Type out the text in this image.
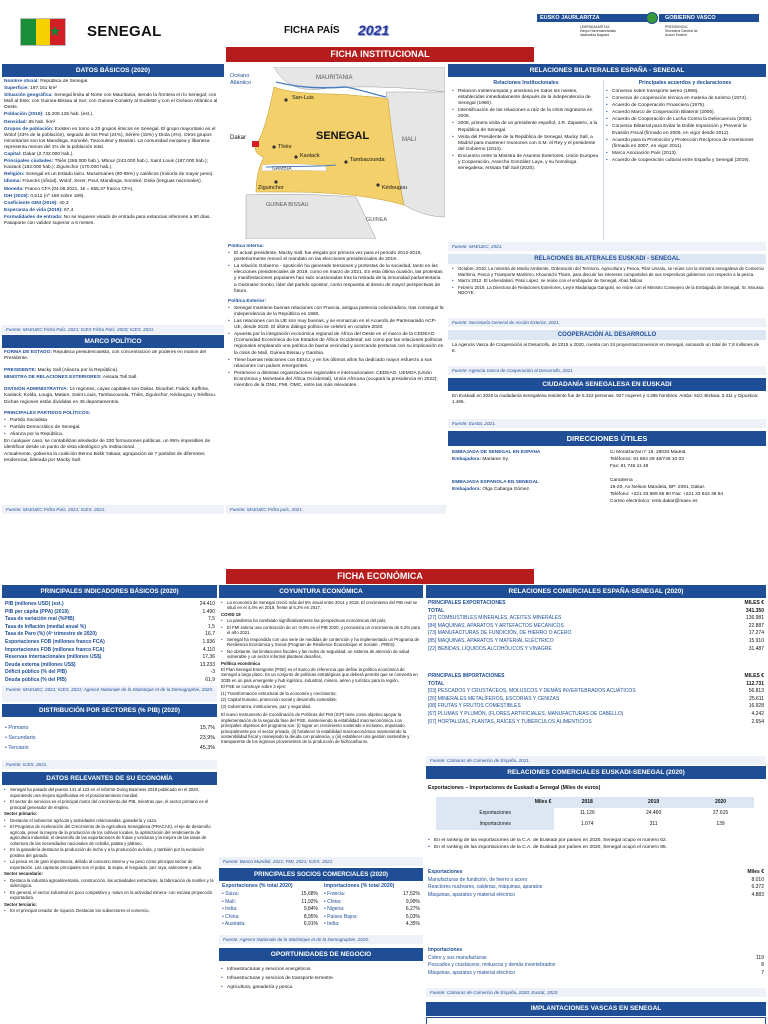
★ SENEGAL	FICHA PAÍS 2021
EUSKO JAURLARITZA	GOBIERNO VASCO
LEHENDAKARITZA
Kanpo Harremanetarako
Idazkaritza Nagusia
PRESIDENCIA
Secretaría General de
Acción Exterior
FICHA INSTITUCIONAL
DATOS BÁSICOS (2020)

Nombre oficial: República de Senegal.

Superficie: 197.161 km²

Situación geográfica: Senegal limita al Norte con Mauritania, siendo la frontera el río Senegal; con Malí al Este; con Guinea-Bissau al Sur; con Guinea-Conakry al Sudeste y con el Océano Atlántico al Oeste.

Población (2019): 16.209.125 hab. (est.).

Densidad: 85 hab. /km²

Grupos de población: Existen en torno a 20 grupos étnicos en Senegal. El grupo mayoritario es el Wolof (43% de la población), seguido de los Peul (24%), Sérère (15%) y Diola (4%). Otros grupos minoritarios son los Mandinga, Soninké, Toucouleur y Bassari. La comunidad europea y libanesa representa menos del 1% de la población total.

Capital: Dakar (2.732.000 hab.).

Principales ciudades: Thiès (286.000 hab.), Mbour (243.000 hab.), Saint Louis (187.000 hab.); Kaolack (182.000 hab.); Ziguinchor (170.000 hab.).

Religión: Senegal es un Estado laico. Musulmanes (90-95%) y católicos (minoría de mayor peso).

Idioma: Francés (oficial), Wolof, Serer, Peul, Mandinga, Soninké, Diola (lenguas nacionales) .

Moneda: Franco CFA (04.06.2021, 1€ = 655,37 franco CFA).

IDH (2019): 0,512 (nº 168 sobre 189).

Coeficiente GINI (2019): 40,3

Esperanza de vida (2019): 67,4

Formalidades de entrada: No se requiere visado de entrada para estancias inferiores a 90 días. Pasaporte con validez superior a 6 meses.

Fuente: MAEUEC Ficha País, 2021; ICEX Ficha País, 2020; ICEX, 2021.
MARCO POLÍTICO

FORMA DE ESTADO: Republica presidencialista, con concentración de poderes en manos del Presidente.

PRESIDENTE: Macky Sall (Alianza por la República).

MINISTRA DE RELACIONES EXTERIORES: Aissata Tall Sall.

DIVISIÓN ADMINISTRATIVA: 14 regiones, cuyas capitales son Dakar, Diourbel, Fatick, Kaffrine, Kaolack, Kolda, Louga, Matam, Saint Louis, Tambacounda, Thiès, Ziguinchor, Kédougou y Sédhiou. Dichas regiones están divididas en 45 departamentos.

PRINCIPALES PARTIDOS POLÍTICOS:

• Partido Socialista
• Partido Democrático de Senegal.
• Alianza por la República.

En cualquier caso, se contabilizan alrededor de 230 formaciones políticas, un 95% imposibles de identificar desde un punto de vista ideológico y/o institucional.

Actualmente, gobierna la coalición Benno Bokk Yakaar, agrupación de 7 partidos de diferentes tendencias, liderada por Macky Sall.

Fuente: MAEUEC Ficha País, 2021; ICEX, 2021.
MAURITANIA
Océano Atlántico
San-Luis
SENEGAL
Dakar
Thiès
Kaolack
Tambacounda
MALI
GAMBIA
Ziguinchor	Kédougou
GUINEA BISSAU
GUINEA

Política Interna:

• El actual presidente, Macky Sall, fue elegido por primera vez para el periodo 2012-2019, posteriormente renovó el mandato en las elecciones presidenciales de 2019.
• La relación Gobierno - oposición ha generado tensiones y protestas de la sociedad, tanto en las elecciones presidenciales de 2019, como en marzo de 2021. En esta última ocasión, las protestas y manifestaciones populares han sido ocasionadas tras la retirada de la inmunidad parlamentaria a Ousmane Sonko, líder del partido opositor, como respuesta al deseo de mayor perspectivas de futuro.

Política Exterior:

• Senegal mantiene buenas relaciones con Francia, antigua potencia colonizadora, tras conseguir la independencia de la República en 1960.
• Las relaciones con la UE son muy buenas, y se enmarcan en el Acuerdo de Partenariado ACP-UE, desde 2020. El último diálogo político se celebró en octubre 2020.
• Apuesta por la integración económica regional de África del Oeste en el marco de la CEDEAO (Comunidad Económica de los Estados de África Occidental; así como por las relaciones políticas regionales empleando una política de buena vecindad y acercando posturas con su implicación en la crisis de Malí, Guinea Bissau y Gambia.
• Tiene buenas relaciones con EEUU, y en los últimos años ha dedicado mayor esfuerzo a sus relaciones con países emergentes.
• Pertenece a distintas organizaciones regionales e internacionales: CEDEAO, UEMOA (Unión Económica y Monetaria del África Occidental), Unión Africana (ocupará la presidencia en 2022); miembro de la ONU, FMI, OMC, entre las más relevantes.
Fuente: MAEUEC Ficha país, 2021.
RELACIONES BILATERALES ESPAÑA - SENEGAL
Relaciones Institucionales	Principales acuerdos y declaraciones
• Relación ininterrumpida y amistosa en todos los niveles, establecidas inmediatamente después de la independencia de Senegal (1960).
• Intensificación de las relaciones a raíz de la crisis migratoria en 2006.
• 2006, primera visita de un presidente español, J.R. Zapatero, a la República de Senegal.
• Visita del Presidente de la República de Senegal, Macky Sall, a Madrid para mantener reuniones con S.M. el Rey y el presidente del Gobierno (2014).
• Encuentro entre la Ministra de Asuntos Exteriores, Unión Europea y Cooperación, Arancha González Laya, y su homóloga senegalesa, Aïssata Tall Sall (2020).
• Convenio sobre transporte aéreo (1968).
• Convenio de cooperación técnica en materia de turismo (1974).
• Acuerdo de Cooperación Financiera (1975).
• Acuerdo Marco de Cooperación Bilateral (2006).
• Acuerdo de Cooperación de Lucha Contra la Delincuencia (2006).
• Convenio Bilateral para Evitar la Doble Imposición y Prevenir la Evasión Fiscal (firmado en 2006, en vigor desde 2012).
• Acuerdo para la Promoción y Protección Recíproca de Inversiones (firmado en 2007, en vigor 2011).
• Marco Asociación País (2013).
• Acuerdo de cooperación cultural entre España y Senegal (2019).
Fuente: MAEUEC, 2021.
RELACIONES BILATERALES EUSKADI - SENEGAL
• Octubre, 2010. La ministra de Medio Ambiente, Ordenación del Territorio, Agricultura y Pesca, Pilar Unzalu, se reúne con la ministra senegalesa de Comercio Marítimo, Pesca y Transporte Marítimo, Khouraichi Thiam, para discutir los intereses compartidos de sus respectivos gobiernos con respecto a la pesca.
• Marzo 2012. El Lehendakari, Patxi López, se reúne con el embajador de Senegal, Abas Ndiour.
• Febrero 2019. La Directora de Relaciones Exteriores, Leyre Madariaga Gangoiti, se reúne con el Ministro Consejero de la Embajada de Senegal, Sr. Moussa NDOYE.
Fuente: Secretaría General de Acción Exterior, 2021.
COOPERACIÓN AL DESARROLLO
La Agencia Vasca de Cooperación al Desarrollo, de 2015 a 2020, cuenta con 24 proyectos/convenios en Senegal, sumando un total de 7,8 millones de €.
Fuente: Agencia Vasca de Cooperación al Desarrollo, 2021
CIUDADANÍA SENEGALESA EN EUSKADI
En Euskadi en 2020 la ciudadanía senegalesa residente fue de 5.322 personas. 927 mujeres y 4.395 hombres. Araba: 510; Bizkaia: 3.311 y Gipuzkoa: 1.496.
Fuente: Eustat, 2021.
DIRECCIONES ÚTILES

EMBAJADA DE SENEGAL EN ESPAÑA

Embajadora: Mariame Sy.

C/ Moralzarzal nº 18, 28034 Madrid.

Teléfonos: 91 564 28 48/745 10 03

Fax: 91 745 11 48

EMBAJADA ESPAÑOLA EN SENEGAL

Embajadora: Olga Cabarga Gómez.

Cancillería

18-20, Av Nelson Mandela, BP: 2091, Dakar.

Teléfono: +221 33 889 65 80 Fax: +221 33 842 36 84

Correo electrónico: emb.dakar@maec.es

FICHA ECONÓMICA
PRINCIPALES INDICADORES BÁSICOS (2020)
PIB (millones USD) (est.)	24.410
PIB per cápita (PPA) (2019)	1.490
Tasa de variación real (%PIB)	7,5
Tasa de Inflación (medial anual %)	1,5
Tasa de Paro (%) (4º trimestre de 2020)	16,7
Exportaciones FOB (millones franco FCA)	1.936
Importaciones FOB (millones franco FCA)	4.110
Reservas internacionales (millones US$)	17,36
Deuda externa (millones US$)	13.233
Déficit público (% del PIB)	-3
Deuda pública (% del PIB)	61,9
Fuente: MAEUEC, 2021; ICEX, 2021; Agence Nationale de la Statistique et de la Demographie, 2020.
DISTRIBUCIÓN POR SECTORES (% PIB) (2020)
• Primario	15,7%
• Secundario	23,9%
• Terciario	45,3%
Fuente: ICEX, 2021.
DATOS RELEVANTES DE SU ECONOMÍA
• Senegal ha pasado del puesto 141 al 123 en el informe Doing Business 2019 publicado en el 2020, suponiendo una mejora significativa en el posicionamiento mundial.
• El sector de servicios es el principal motor del crecimiento del PIB, mientras que, el sector primario es el principal generador de empleo.

Sector primario:

• Destacan el subsector agrícola y actividades relacionadas, ganadería y caza.
• El Programa de Aceleración del Crecimiento de la Agricultura Senegalesa (PRACAS), el eje de desarrollo agrícola, prevé la mejora de la producción de los cultivos locales, la optimización del rendimiento de agricultura industrial, el desarrollo de las exportaciones de frutas y verduras y la mejora de las tasas de cobertura de las necesidades nacionales de cebolla, patata y plátano.
• En la ganadería destacan la producción de leche y a la producción avícola, y también por la evolución positiva del ganado.
• La pesca es de gran importancia, debido al consumo interno y su peso como principal sector de exportación. Las capturas principales son el pulpo, la sepia, el lenguado, pez raya, salmonete y atún.

Sector secundario:

• Destaca la industria agroalimentaria, construcción, las actividades extractivas, la fabricación de textiles y la siderúrgica.
• En general, el sector industrial es poco competitivo y -salvo en la actividad minera- con escasa proyección exportadora.

Sector terciario:

• Es el principal creador de riqueza. Destacan los subsectores el comercio,
COYUNTURA ECONÓMICA
• La economía de Senegal creció más del 6% anual entre 2014 y 2018. El crecimiento del PIB real se situó en el 4,4% en 2019, frente al 6,2% en 2017.

COVID 19

• La pandemia ha cambiado significativamente las perspectivas económicas del país.
• El FMI estima una contracción de un -0,8% en el PIB 2020, y pronostica un crecimiento de 5.2% para el año 2021.
• Senegal ha respondido con una serie de medidas de contención y ha implementado un Programa de Resiliencia Económica y Social (Program de Résilience Économique et Sociale , PRES).
• No obstante, las limitaciones fiscales y las redes de seguridad, un sistema de atención de salud vulnerable y un sector informal plantean desafíos.

Política económica

El Plan Senegal Emergente (PSE) es el marco de referencia que define la política económica de Senegal a largo plazo. Es un conjunto de políticas estratégicas que deberá permitir que se convierta en 2035 en un país emergente y hub logístico, industrial, minero, aéreo y turístico para la región.

El PSE se construye sobre 3 ejes:

(1) Transformación estructural de la economía y crecimiento;

(2) Capital humano, protección social y desarrollo sostenible;

(3) Gobernanza, instituciones, paz y seguridad.

El nuevo Instrumento de Coordinación de Políticas del FMI (ICP) tiene como objetivo apoyar la implementación de la segunda fase del PSE, manteniendo la estabilidad macroeconómica. Los principales objetivos del programa son: (i) lograr un crecimiento sostenido e inclusivo, impulsado principalmente por el sector privado, (ii) fortalecer la estabilidad macroeconómica manteniendo la sostenibilidad fiscal y manejando la deuda con prudencia, y (iii) establecer una gestión sostenible y transparente de los ingresos provenientes de la producción de hidrocarburos.

Fuente: Banco Mundial, 2021; FMI, 2021; ICEX, 2021.
PRINCIPALES SOCIOS COMERCIALES (2020)
Exportaciones (% total 2020)	Importaciones (% total 2020)
• Suiza:	15,68%
• Malí:	11,92%
• India:	9,84%
• China:	8,95%
• Australia:	6,91%
• Francia:	17,52%
• China:	9,99%
• Nigeria:	6,27%
• Países Bajos:	5,03%
• India:	4,35%
Fuente: Agence Nationale de la Statistique et de la Demographie, 2020.
OPORTUNIDADES DE NEGOCIO
• Infraestructuras y servicios energéticos.
• Infraestructuras y servicios de transporte terrestre.
• Agricultura, ganadería y pesca.
RELACIONES COMERCIALES ESPAÑA-SENEGAL (2020)
PRINCIPALES EXPORTACIONES	MILES €
TOTAL	341.350
[27] COMBUSTIBLES MINERALES, ACEITES MINERALES	136.981
[84] MÁQUINAS, APARATOS Y ARTEFACTOS MECÁNICOS	22.887
[73] MANUFACTURAS DE FUNDICIÓN, DE HIERRO O ACERO	17.274
[85] MÁQUINAS, APARATOS Y MATERIAL ELÉCTRICO	15.910
[22] BEBIDAS, LÍQUIDOS ALCOHÓLICOS Y VINAGRE	31.487
PRINCIPALES IMPORTACIONES	MILES €
TOTAL	112.731
[03] PESCADOS Y CRUSTÁCEOS, MOLUSCOS Y DEMÁS INVERTEBRADOS ACUÁTICOS	56.813
[26] MINERALES METALÍFEROS, ESCORIAS Y CENIZAS	25.611
[08] FRUTAS Y FRUTOS COMESTIBLES	16.928
[67] PLUMAS Y PLUMÓN, (FLORES ARTIFICIALES, MANUFACTURAS DE CABELLO)	4.242
[07] HORTALIZAS, PLANTAS, RAÍCES Y TUBÉRCULOS ALIMENTICIOS	2.654
Fuente: Cámaras de Comercio de España, 2021.
RELACIONES COMERCIALES EUSKADI-SENEGAL (2020)
Exportaciones – Importaciones de Euskadi a Senegal (Miles de euros)
Miles €	2018	2019	2020
Exportaciones	11.126	24.460	27.615
Importaciones	1.074	311	139
• En el ranking de las exportaciones de la C.A. de Euskadi por países en 2020, Senegal ocupó el número 62.
• En el ranking de las importaciones de la C.A. de Euskadi por países en 2020, Senegal ocupó el número 85.
Exportaciones	Miles €
Manufacturas de fundición, de hierro o acero	8.010
Reactores nucleares, calderas, máquinas, aparatos	6.372
Máquinas, aparatos y material eléctrico	4.883
Importaciones
Cobre y sus manufacturas	119
Pescados y crustáceos, moluscos y demás invertebrados	8
Máquinas, aparatos y material eléctrico	7
Fuente: Cámaras de Comercio de España, 2020; Eustat, 2020.
IMPLANTACIONES VASCAS EN SENEGAL
